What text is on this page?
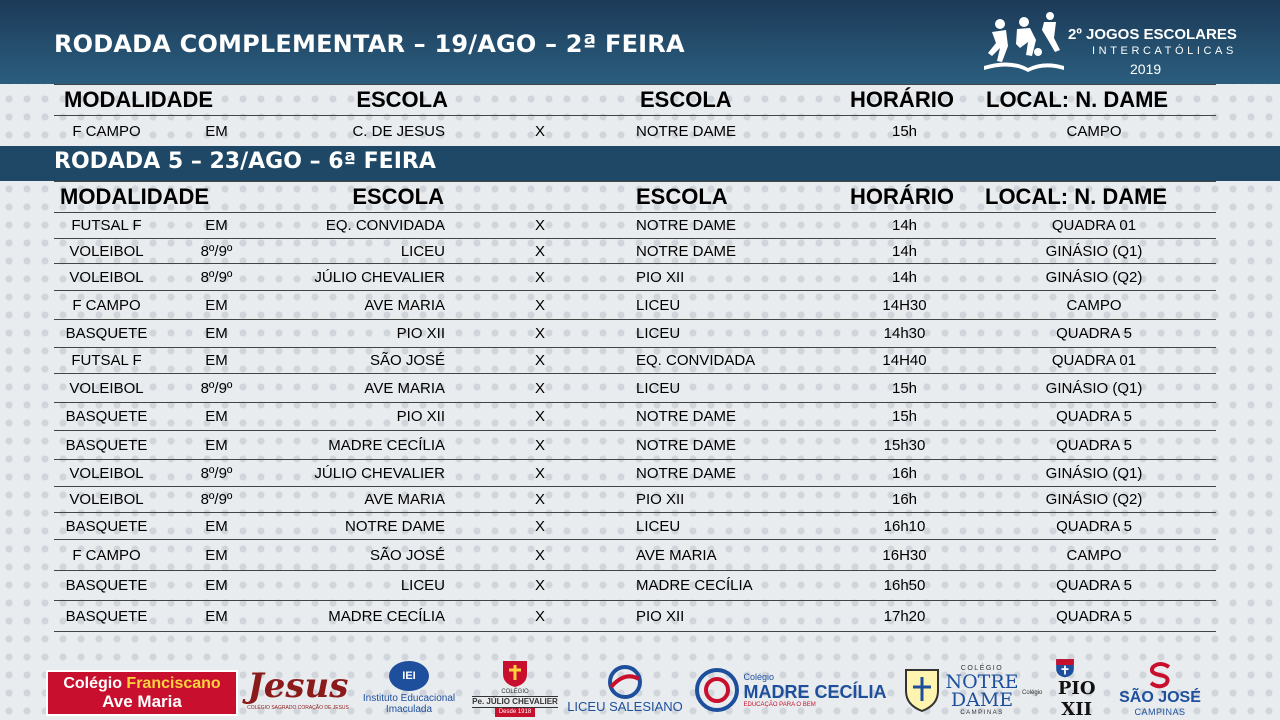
RODADA COMPLEMENTAR – 19/AGO – 2ª FEIRA	2º JOGOS ESCOLARES
INTERCATÓLICAS
2019
MODALIDADE	ESCOLA	ESCOLA	HORÁRIO	LOCAL: N. DAME
F CAMPO	EM	C. DE JESUS	X	NOTRE DAME	15h	CAMPO
RODADA 5 – 23/AGO – 6ª FEIRA
MODALIDADE	ESCOLA	ESCOLA	HORÁRIO	LOCAL: N. DAME
FUTSAL F	EM	EQ. CONVIDADA	X	NOTRE DAME	14h	QUADRA 01
VOLEIBOL	8º/9º	LICEU	X	NOTRE DAME	14h	GINÁSIO (Q1)
VOLEIBOL	8º/9º	JÚLIO CHEVALIER	X	PIO XII	14h	GINÁSIO (Q2)
F CAMPO	EM	AVE MARIA	X	LICEU	14H30	CAMPO
BASQUETE	EM	PIO XII	X	LICEU	14h30	QUADRA 5
FUTSAL F	EM	SÃO JOSÉ	X	EQ. CONVIDADA	14H40	QUADRA 01
VOLEIBOL	8º/9º	AVE MARIA	X	LICEU	15h	GINÁSIO (Q1)
BASQUETE	EM	PIO XII	X	NOTRE DAME	15h	QUADRA 5
BASQUETE	EM	MADRE CECÍLIA	X	NOTRE DAME	15h30	QUADRA 5
VOLEIBOL	8º/9º	JÚLIO CHEVALIER	X	NOTRE DAME	16h	GINÁSIO (Q1)
VOLEIBOL	8º/9º	AVE MARIA	X	PIO XII	16h	GINÁSIO (Q2)
BASQUETE	EM	NOTRE DAME	X	LICEU	16h10	QUADRA 5
F CAMPO	EM	SÃO JOSÉ	X	AVE MARIA	16H30	CAMPO
BASQUETE	EM	LICEU	X	MADRE CECÍLIA	16h50	QUADRA 5
BASQUETE	EM	MADRE CECÍLIA	X	PIO XII	17h20	QUADRA 5
Colégio Franciscano
Ave Maria Jesus
COLÉGIO SAGRADO CORAÇÃO DE JESUS
IEI
Instituto Educacional
Imaculada
COLÉGIO
Pe. JÚLIO CHEVALIER
Desde 1918	LICEU SALESIANO
Colégio
MADRE CECÍLIA
EDUCAÇÃO PARA O BEM
COLÉGIO
NOTRE
DAME
CAMPINAS
Colégio PIO XII
SÃO JOSÉ
CAMPINAS
